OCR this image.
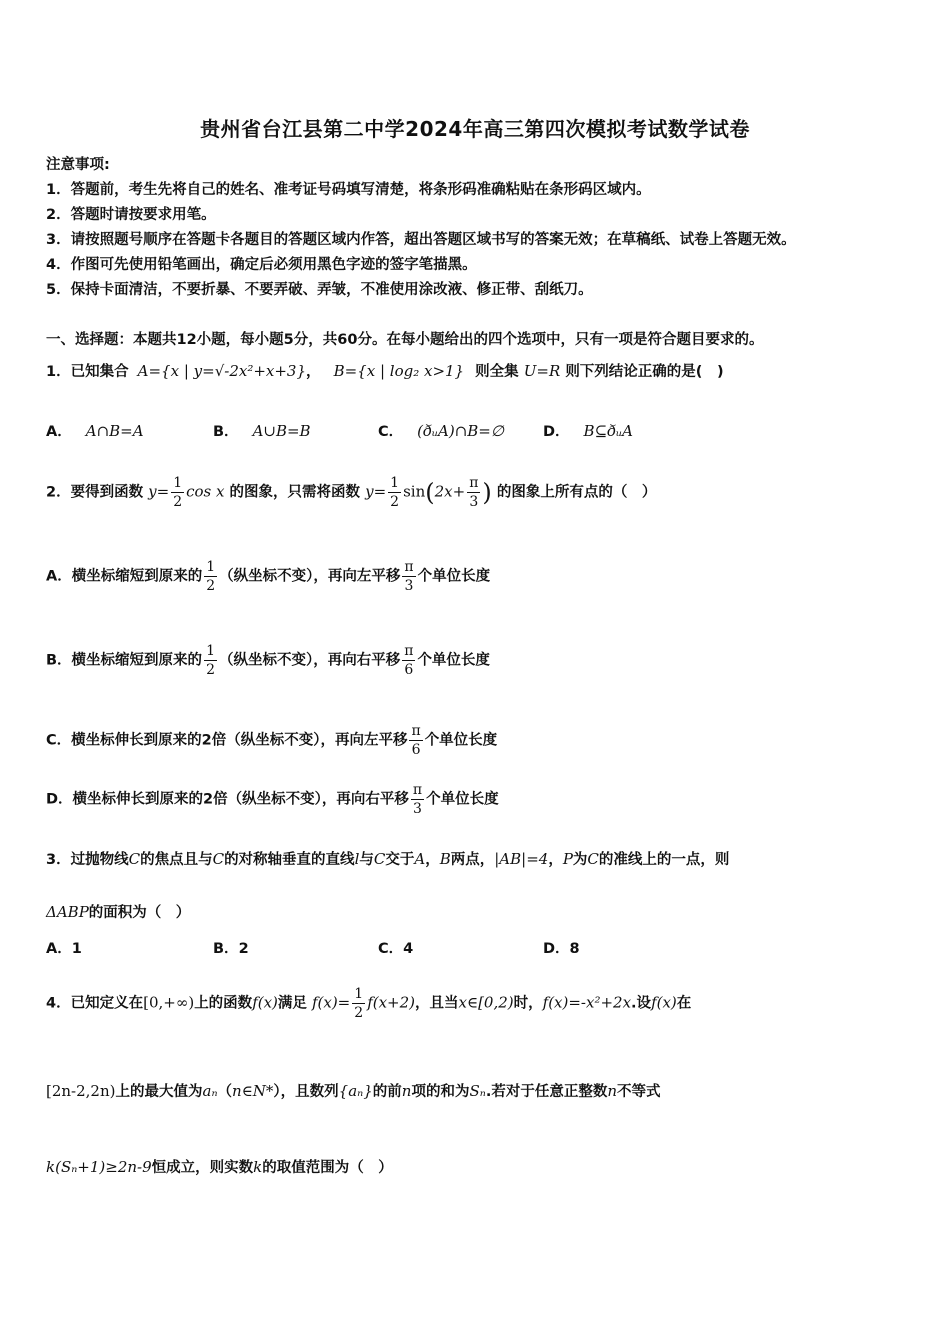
贵州省台江县第二中学2024年高三第四次模拟考试数学试卷
注意事项:
1．答题前，考生先将自己的姓名、准考证号码填写清楚，将条形码准确粘贴在条形码区域内。
2．答题时请按要求用笔。
3．请按照题号顺序在答题卡各题目的答题区域内作答，超出答题区域书写的答案无效；在草稿纸、试卷上答题无效。
4．作图可先使用铅笔画出，确定后必须用黑色字迹的签字笔描黑。
5．保持卡面清洁，不要折暴、不要弄破、弄皱，不准使用涂改液、修正带、刮纸刀。
一、选择题：本题共12小题，每小题5分，共60分。在每小题给出的四个选项中，只有一项是符合题目要求的。
1．已知集合 A={x | y=√-2x²+x+3}， B={x | log₂ x>1} 则全集 U=R 则下列结论正确的是(　)
A． A∩B=A	B． A∪B=B	C． (ðᵤA)∩B=∅	D． B⊆ðᵤA
2．要得到函数 $y= \frac{1}{2}$ cos x 的图象，只需将函数 $y= \frac{1}{2} \sin(2x+ \frac{\pi}{3}$ ) 的图象上所有点的（　）
A．横坐标缩短到原来的 $\frac{1}{2}$ （纵坐标不变），再向左平移 $\frac{\pi}{3}$ 个单位长度
B．横坐标缩短到原来的 $\frac{1}{2}$ （纵坐标不变），再向右平移 $\frac{\pi}{6}$ 个单位长度
C．横坐标伸长到原来的2倍（纵坐标不变），再向左平移 $\frac{\pi}{6}$ 个单位长度
D．横坐标伸长到原来的2倍（纵坐标不变），再向右平移 $\frac{\pi}{3}$ 个单位长度
3．过抛物线C的焦点且与C的对称轴垂直的直线l与C交于A，B两点，|AB|=4，P为C的准线上的一点，则
ΔABP的面积为（　）
A．1	B．2	C．4	D．8
4．已知定义在[0,+∞)上的函数f(x)满足 $f(x)= \frac{1}{2} f(x+2)$，且当x∈[0,2)时，f(x)=-x²+2x.设f(x)在
[2n-2,2n)上的最大值为aₙ（n∈N*），且数列{aₙ}的前n项的和为Sₙ.若对于任意正整数n不等式
k(Sₙ+1)≥2n-9恒成立，则实数k的取值范围为（　）
